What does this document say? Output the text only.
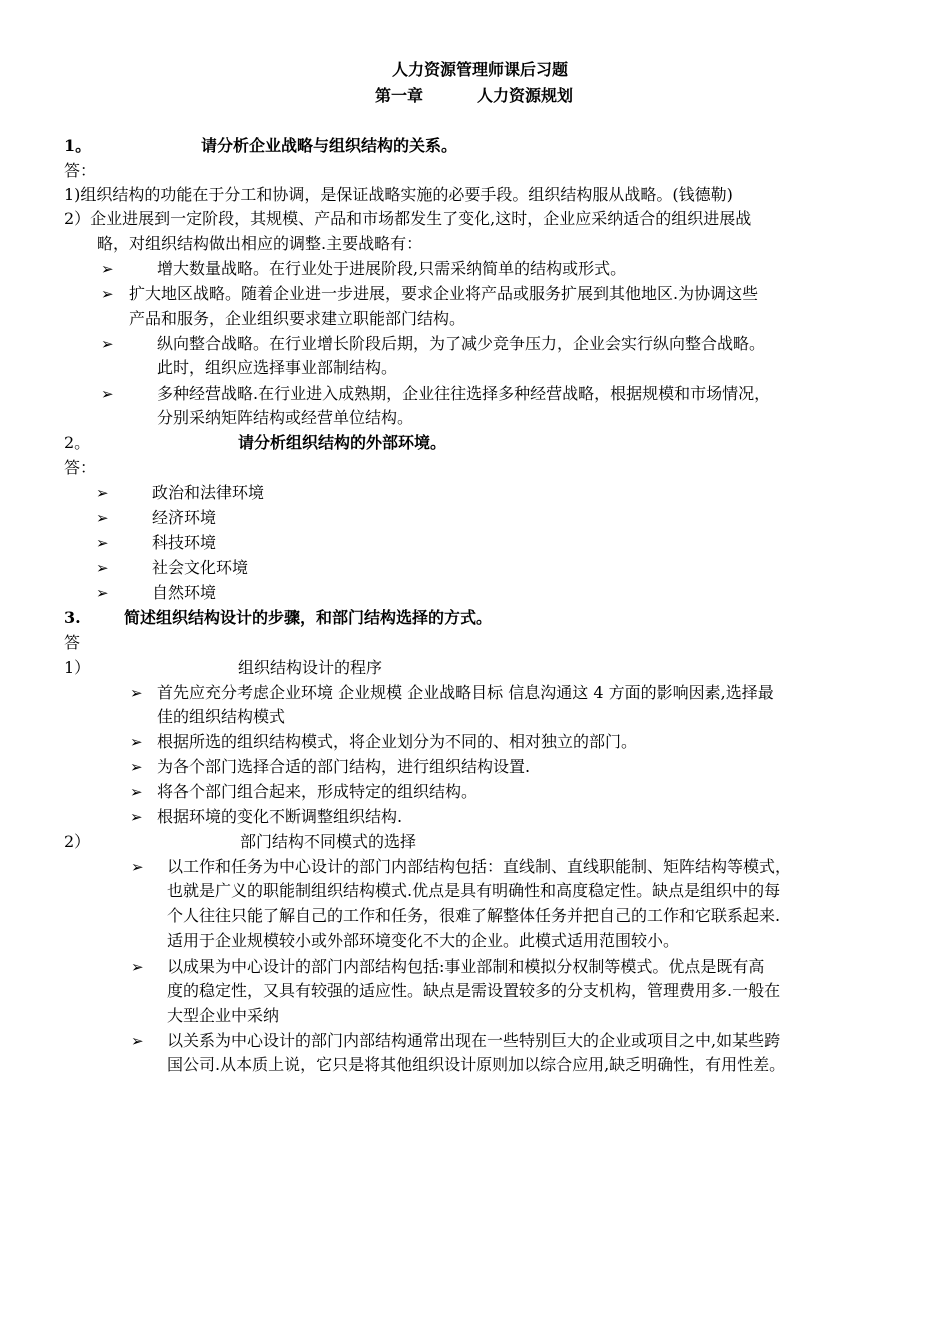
人力资源管理师课后习题
第一章	人力资源规划
1。	请分析企业战略与组织结构的关系。
答：
1)组织结构的功能在于分工和协调，是保证战略实施的必要手段。组织结构服从战略。(钱德勒)
2）企业进展到一定阶段，其规模、产品和市场都发生了变化,这时，企业应采纳适合的组织进展战
略，对组织结构做出相应的调整.主要战略有：
➢	增大数量战略。在行业处于进展阶段,只需采纳简单的结构或形式。
➢ 扩大地区战略。随着企业进一步进展，要求企业将产品或服务扩展到其他地区.为协调这些
产品和服务，企业组织要求建立职能部门结构。
➢	纵向整合战略。在行业增长阶段后期，为了减少竞争压力，企业会实行纵向整合战略。
此时，组织应选择事业部制结构。
➢	多种经营战略.在行业进入成熟期，企业往往选择多种经营战略，根据规模和市场情况，
分别采纳矩阵结构或经营单位结构。
2。	请分析组织结构的外部环境。
答：
➢	政治和法律环境
➢	经济环境
➢	科技环境
➢	社会文化环境
➢	自然环境
3.	简述组织结构设计的步骤，和部门结构选择的方式。
答
1）	组织结构设计的程序
➢ 首先应充分考虑企业环境 企业规模 企业战略目标 信息沟通这 4 方面的影响因素,选择最
佳的组织结构模式
➢ 根据所选的组织结构模式，将企业划分为不同的、相对独立的部门。
➢ 为各个部门选择合适的部门结构，进行组织结构设置.
➢ 将各个部门组合起来，形成特定的组织结构。
➢ 根据环境的变化不断调整组织结构.
2）	部门结构不同模式的选择
➢ 以工作和任务为中心设计的部门内部结构包括：直线制、直线职能制、矩阵结构等模式，
也就是广义的职能制组织结构模式.优点是具有明确性和高度稳定性。缺点是组织中的每
个人往往只能了解自己的工作和任务，很难了解整体任务并把自己的工作和它联系起来.
适用于企业规模较小或外部环境变化不大的企业。此模式适用范围较小。
➢ 以成果为中心设计的部门内部结构包括:事业部制和模拟分权制等模式。优点是既有高
度的稳定性，又具有较强的适应性。缺点是需设置较多的分支机构，管理费用多.一般在
大型企业中采纳
➢ 以关系为中心设计的部门内部结构通常出现在一些特别巨大的企业或项目之中,如某些跨
国公司.从本质上说，它只是将其他组织设计原则加以综合应用,缺乏明确性，有用性差。
